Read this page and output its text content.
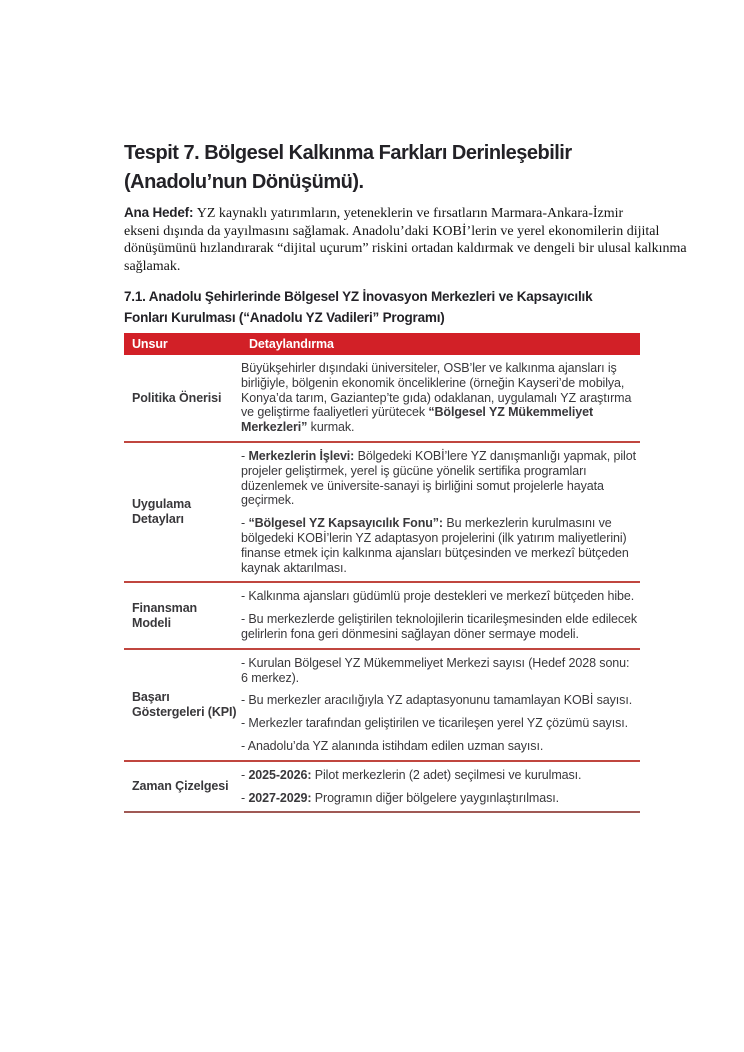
Tespit 7. Bölgesel Kalkınma Farkları Derinleşebilir
(Anadolu’nun Dönüşümü).

Ana Hedef: YZ kaynaklı yatırımların, yeteneklerin ve fırsatların Marmara-Ankara-İzmir
ekseni dışında da yayılmasını sağlamak. Anadolu’daki KOBİ’lerin ve yerel ekonomilerin dijital
dönüşümünü hızlandırarak “dijital uçurum” riskini ortadan kaldırmak ve dengeli bir ulusal kalkınma
sağlamak.

7.1. Anadolu Şehirlerinde Bölgesel YZ İnovasyon Merkezleri ve Kapsayıcılık
Fonları Kurulması (“Anadolu YZ Vadileri” Programı)
Unsur	Detaylandırma
Politika Önerisi	Büyükşehirler dışındaki üniversiteler, OSB’ler ve kalkınma ajansları iş birliğiyle, bölgenin ekonomik önceliklerine (örneğin Kayseri’de mobilya, Konya’da tarım, Gaziantep’te gıda) odaklanan, uygulamalı YZ araştırma ve geliştirme faaliyetleri yürütecek “Bölgesel YZ Mükemmeliyet Merkezleri” kurmak.

Uygulama Detayları	- Merkezlerin İşlevi: Bölgedeki KOBİ’lere YZ danışmanlığı yapmak, pilot projeler geliştirmek, yerel iş gücüne yönelik sertifika programları düzenlemek ve üniversite-sanayi iş birliğini somut projelerle hayata geçirmek.

- “Bölgesel YZ Kapsayıcılık Fonu”: Bu merkezlerin kurulmasını ve bölgedeki KOBİ’lerin YZ adaptasyon projelerini (ilk yatırım maliyetlerini) finanse etmek için kalkınma ajansları bütçesinden ve merkezî bütçeden kaynak aktarılması.

Finansman Modeli	- Kalkınma ajansları güdümlü proje destekleri ve merkezî bütçeden hibe.

- Bu merkezlerde geliştirilen teknolojilerin ticarileşmesinden elde edilecek gelirlerin fona geri dönmesini sağlayan döner sermaye modeli.

Başarı Göstergeleri (KPI)	- Kurulan Bölgesel YZ Mükemmeliyet Merkezi sayısı (Hedef 2028 sonu: 6 merkez).

- Bu merkezler aracılığıyla YZ adaptasyonunu tamamlayan KOBİ sayısı.

- Merkezler tarafından geliştirilen ve ticarileşen yerel YZ çözümü sayısı.

- Anadolu’da YZ alanında istihdam edilen uzman sayısı.

Zaman Çizelgesi	- 2025-2026: Pilot merkezlerin (2 adet) seçilmesi ve kurulması.

- 2027-2029: Programın diğer bölgelere yaygınlaştırılması.
